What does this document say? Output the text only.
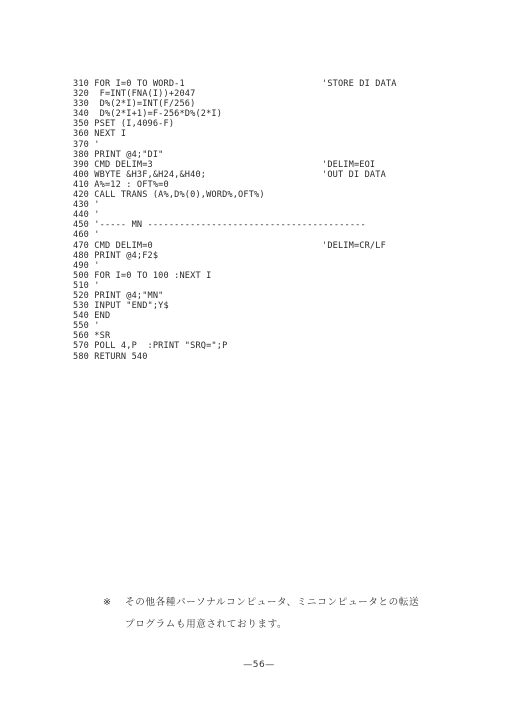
310 FOR I=0 TO WORD-1	'STORE DI DATA
320  F=INT(FNA(I))+2047
330  D%(2*I)=INT(F/256)
340  D%(2*I+1)=F-256*D%(2*I)
350 PSET (I,4096-F)
360 NEXT I
370 '
380 PRINT @4;"DI"
390 CMD DELIM=3	'DELIM=EOI
400 WBYTE &H3F,&H24,&H40;	'OUT DI DATA
410 A%=12 : OFT%=0
420 CALL TRANS (A%,D%(0),WORD%,OFT%)
430 '
440 '
450 '----- MN -----------------------------------------
460 '
470 CMD DELIM=0	'DELIM=CR/LF
480 PRINT @4;F2$
490 '
500 FOR I=0 TO 100 :NEXT I
510 '
520 PRINT @4;"MN"
530 INPUT "END";Y$
540 END
550 '
560 *SR
570 POLL 4,P  :PRINT "SRQ=";P
580 RETURN 540
※ その他各種パーソナルコンピュータ、ミニコンピュータとの転送
プログラムも用意されております。
—56—
